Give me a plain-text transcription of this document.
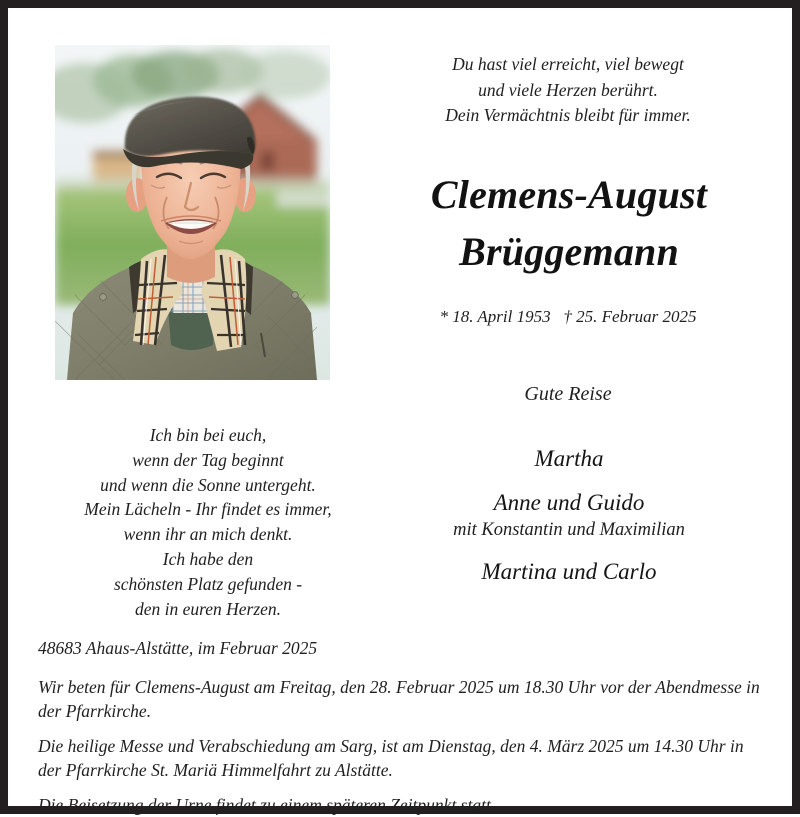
Du hast viel erreicht, viel bewegt
und viele Herzen berührt.
Dein Vermächtnis bleibt für immer.
Clemens-August
Brüggemann
* 18. April 1953   † 25. Februar 2025
Gute Reise
Martha
Anne und Guido
mit Konstantin und Maximilian
Martina und Carlo
Ich bin bei euch,
wenn der Tag beginnt
und wenn die Sonne untergeht.
Mein Lächeln - Ihr findet es immer,
wenn ihr an mich denkt.
Ich habe den
schönsten Platz gefunden -
den in euren Herzen.

48683 Ahaus-Alstätte, im Februar 2025

Wir beten für Clemens-August am Freitag, den 28. Februar 2025 um 18.30 Uhr vor der Abendmesse in der Pfarrkirche.

Die heilige Messe und Verabschiedung am Sarg, ist am Dienstag, den 4. März 2025 um 14.30 Uhr in der Pfarrkirche St. Mariä Himmelfahrt zu Alstätte.

Die Beisetzung der Urne findet zu einem späteren Zeitpunkt statt.
